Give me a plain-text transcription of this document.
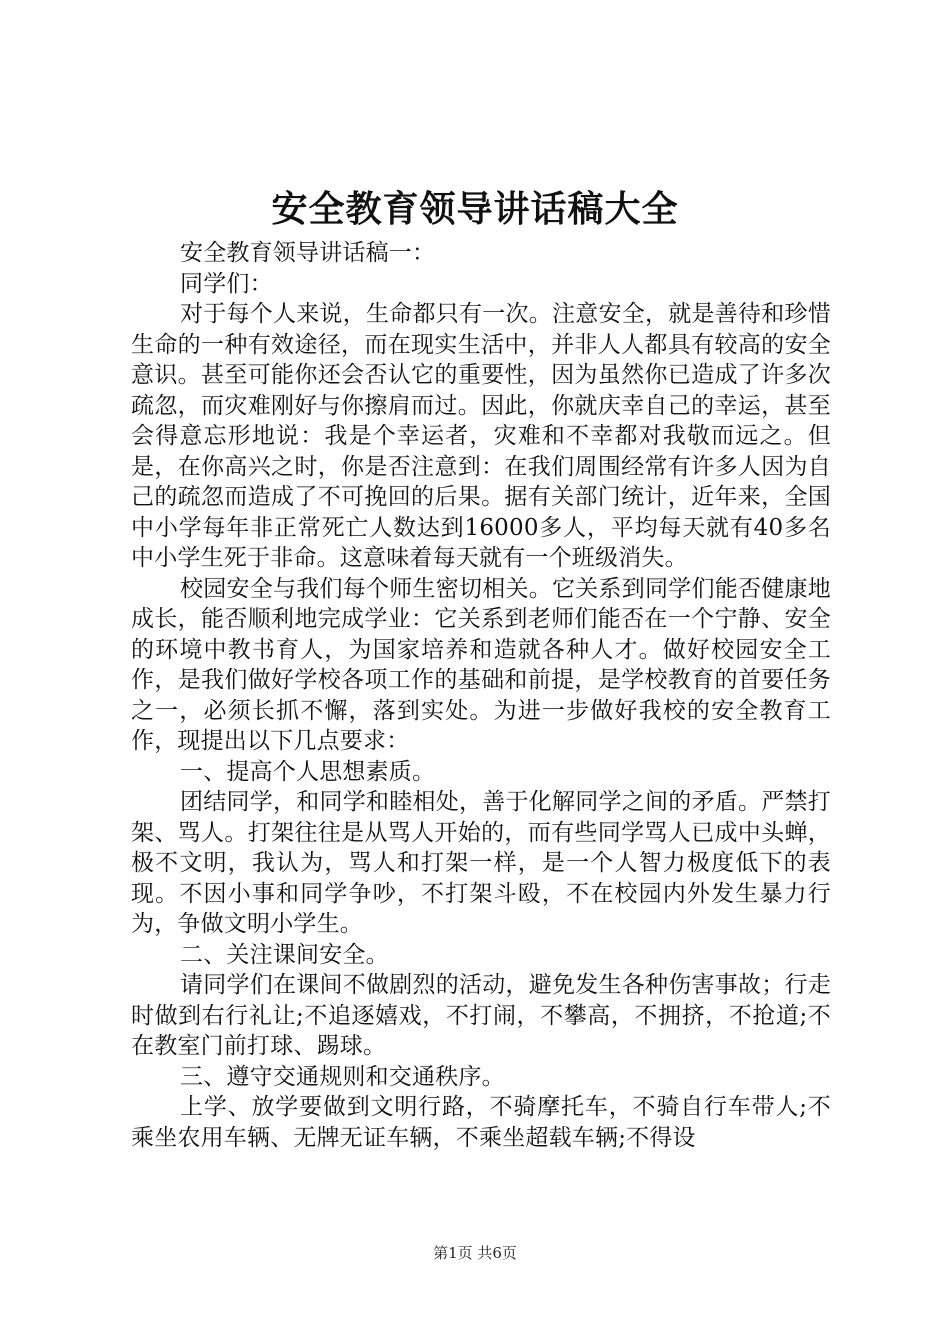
安全教育领导讲话稿大全

安全教育领导讲话稿一：

同学们：

对于每个人来说，生命都只有一次。注意安全，就是善待和珍惜生命的一种有效途径，而在现实生活中，并非人人都具有较高的安全意识。甚至可能你还会否认它的重要性，因为虽然你已造成了许多次疏忽，而灾难刚好与你擦肩而过。因此，你就庆幸自己的幸运，甚至会得意忘形地说：我是个幸运者，灾难和不幸都对我敬而远之。但是，在你高兴之时，你是否注意到：在我们周围经常有许多人因为自己的疏忽而造成了不可挽回的后果。据有关部门统计，近年来，全国中小学每年非正常死亡人数达到16000多人，平均每天就有40多名中小学生死于非命。这意味着每天就有一个班级消失。

校园安全与我们每个师生密切相关。它关系到同学们能否健康地成长，能否顺利地完成学业：它关系到老师们能否在一个宁静、安全的环境中教书育人，为国家培养和造就各种人才。做好校园安全工作，是我们做好学校各项工作的基础和前提，是学校教育的首要任务之一，必须长抓不懈，落到实处。为进一步做好我校的安全教育工作，现提出以下几点要求：

一、提高个人思想素质。

团结同学，和同学和睦相处，善于化解同学之间的矛盾。严禁打架、骂人。打架往往是从骂人开始的，而有些同学骂人已成中头蝉，极不文明，我认为，骂人和打架一样，是一个人智力极度低下的表现。不因小事和同学争吵，不打架斗殴，不在校园内外发生暴力行为，争做文明小学生。

二、关注课间安全。

请同学们在课间不做剧烈的活动，避免发生各种伤害事故；行走时做到右行礼让;不追逐嬉戏，不打闹，不攀高，不拥挤，不抢道;不在教室门前打球、踢球。

三、遵守交通规则和交通秩序。

上学、放学要做到文明行路，不骑摩托车，不骑自行车带人;不乘坐农用车辆、无牌无证车辆，不乘坐超载车辆;不得设

第1页 共6页
